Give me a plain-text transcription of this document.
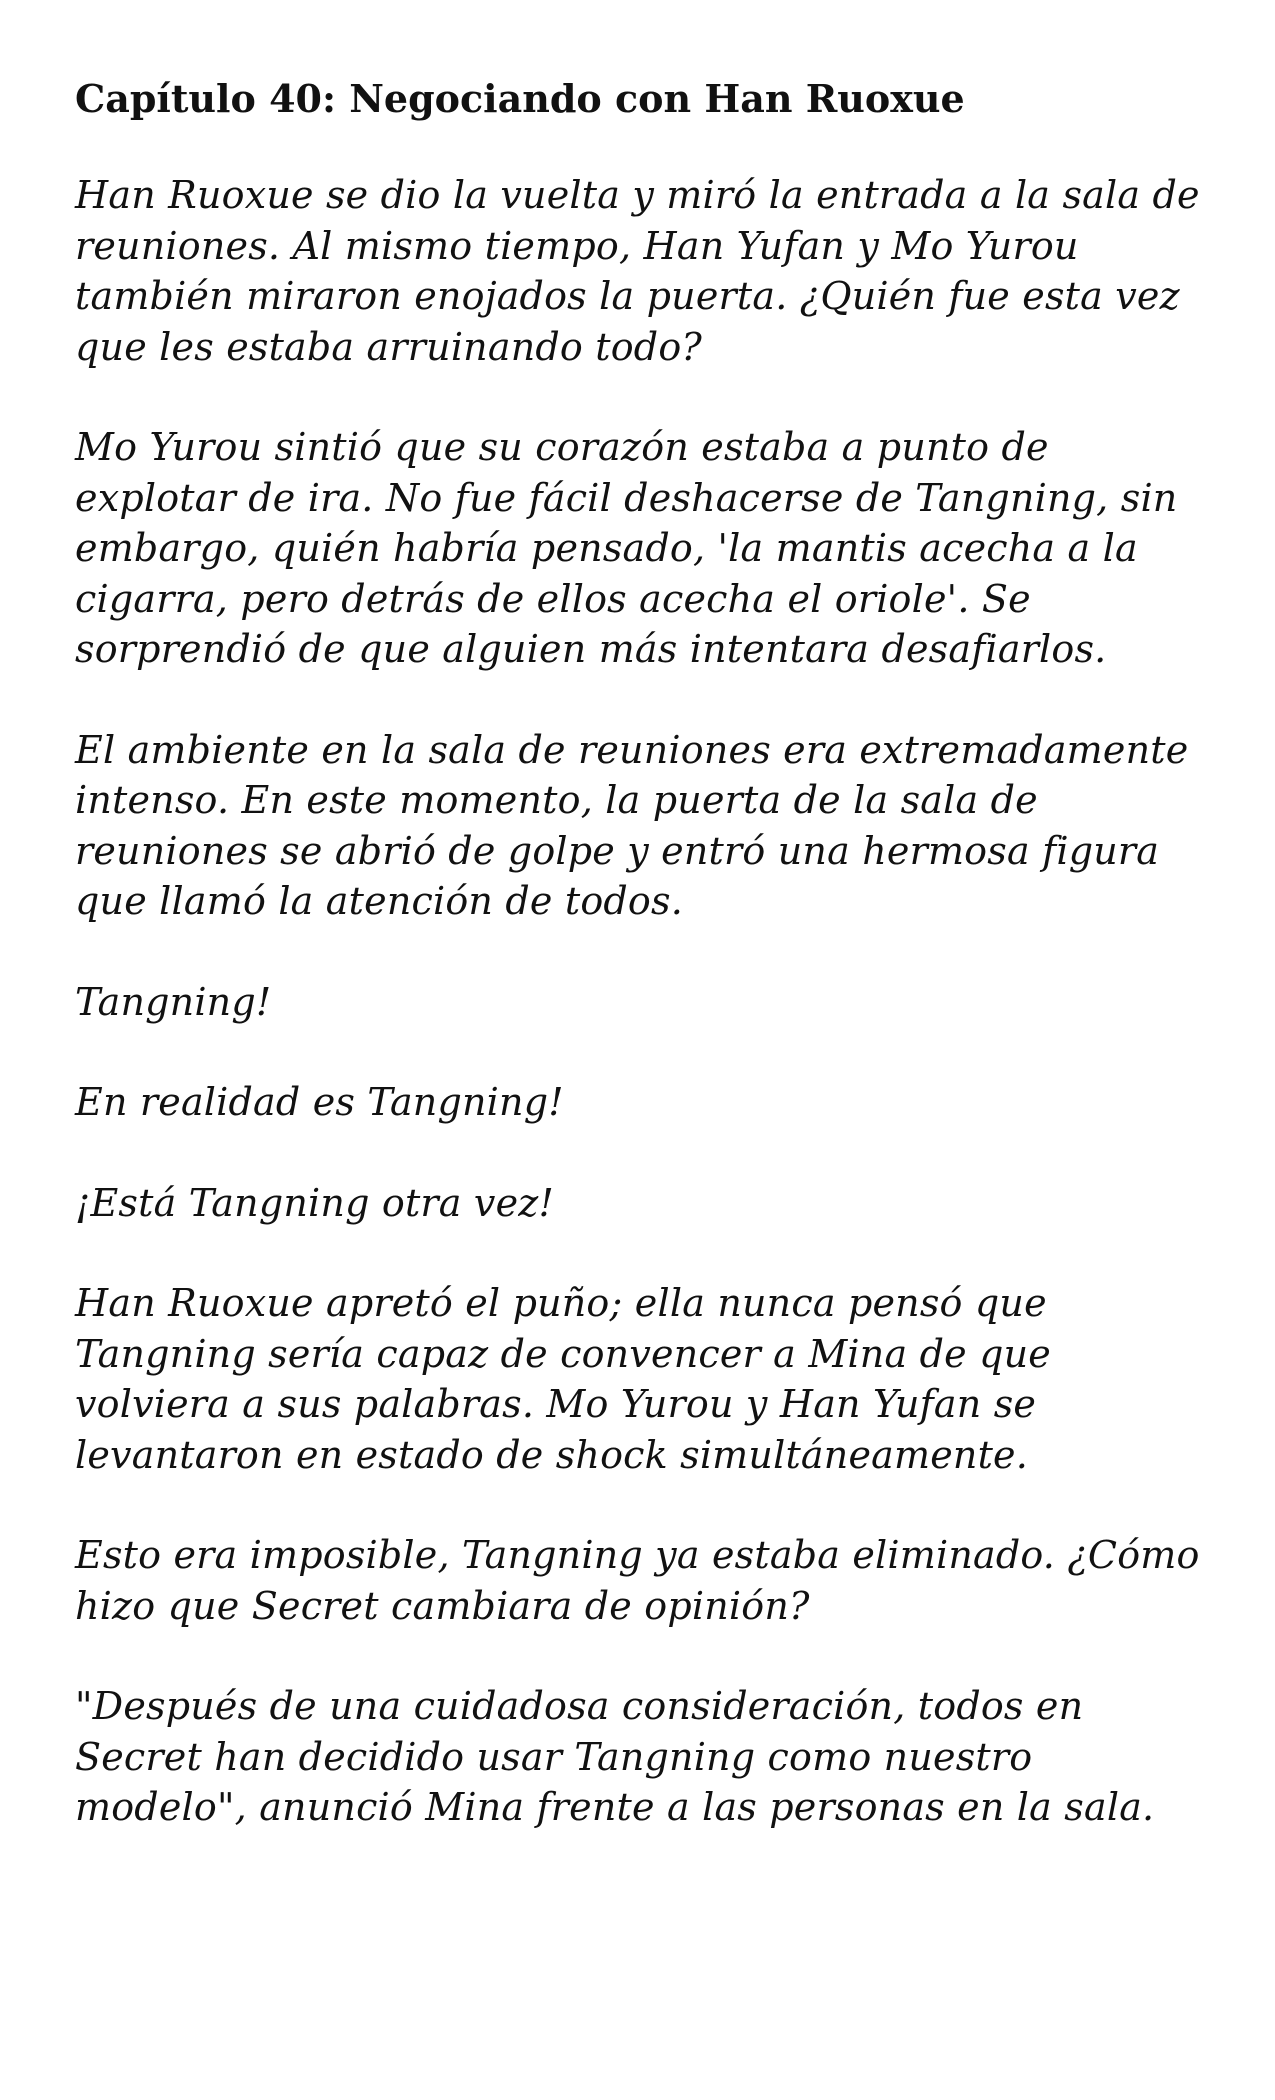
Capítulo 40: Negociando con Han Ruoxue

Han Ruoxue se dio la vuelta y miró la entrada a la sala de reuniones. Al mismo tiempo, Han Yufan y Mo Yurou también miraron enojados la puerta. ¿Quién fue esta vez que les estaba arruinando todo?

Mo Yurou sintió que su corazón estaba a punto de explotar de ira. No fue fácil deshacerse de Tangning, sin embargo, quién habría pensado, 'la mantis acecha a la cigarra, pero detrás de ellos acecha el oriole'. Se sorprendió de que alguien más intentara desafiarlos.

El ambiente en la sala de reuniones era extremadamente intenso. En este momento, la puerta de la sala de reuniones se abrió de golpe y entró una hermosa figura que llamó la atención de todos.

Tangning!

En realidad es Tangning!

¡Está Tangning otra vez!

Han Ruoxue apretó el puño; ella nunca pensó que Tangning sería capaz de convencer a Mina de que volviera a sus palabras. Mo Yurou y Han Yufan se levantaron en estado de shock simultáneamente.

Esto era imposible, Tangning ya estaba eliminado. ¿Cómo hizo que Secret cambiara de opinión?

"Después de una cuidadosa consideración, todos en Secret han decidido usar Tangning como nuestro modelo", anunció Mina frente a las personas en la sala.
